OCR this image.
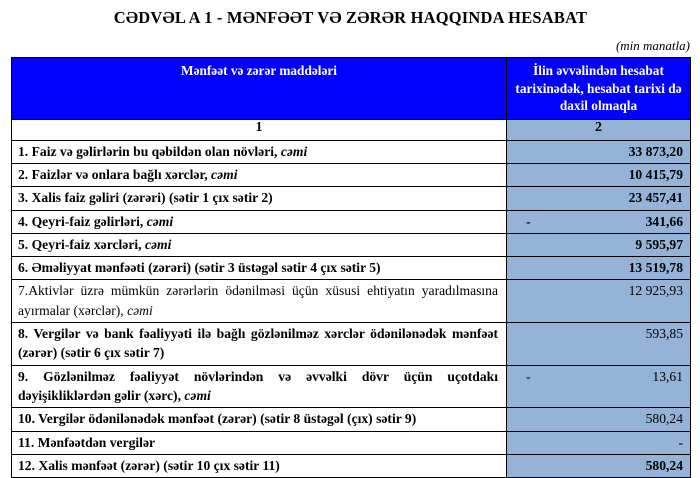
CƏDVƏL A 1 - MƏNFƏƏT VƏ ZƏRƏR HAQQINDA HESABAT
(min manatla)
Mənfəət və zərər maddələri	İlin əvvəlindən hesabat tarixinədək, hesabat tarixi də daxil olmaqla
1	2
1. Faiz və gəlirlərin bu qəbildən olan növləri, cəmi	33 873,20
2. Faizlər və onlara bağlı xərclər, cəmi	10 415,79
3. Xalis faiz gəliri (zərəri) (sətir 1 çıx sətir 2)	23 457,41
4. Qeyri-faiz gəlirləri, cəmi	- 341,66
5. Qeyri-faiz xərcləri, cəmi	9 595,97
6. Əməliyyat mənfəəti (zərəri) (sətir 3 üstəgəl sətir 4 çıx sətir 5)	13 519,78
7.Aktivlər üzrə mümkün zərərlərin ödənilməsi üçün xüsusi ehtiyatın yaradılmasına ayırmalar (xərclər), cəmi	12 925,93
8. Vergilər və bank fəaliyyəti ilə bağlı gözlənilməz xərclər ödənilənədək mənfəət (zərər) (sətir 6 çıx sətir 7)	593,85
9. Gözlənilməz fəaliyyət növlərindən və əvvəlki dövr üçün uçotdakı dəyişikliklərdən gəlir (xərc), cəmi	- 13,61
10. Vergilər ödənilənədək mənfəət (zərər) (sətir 8 üstəgəl (çıx) sətir 9)	580,24
11. Mənfəətdən vergilər	-
12. Xalis mənfəət (zərər) (sətir 10 çıx sətir 11)	580,24
